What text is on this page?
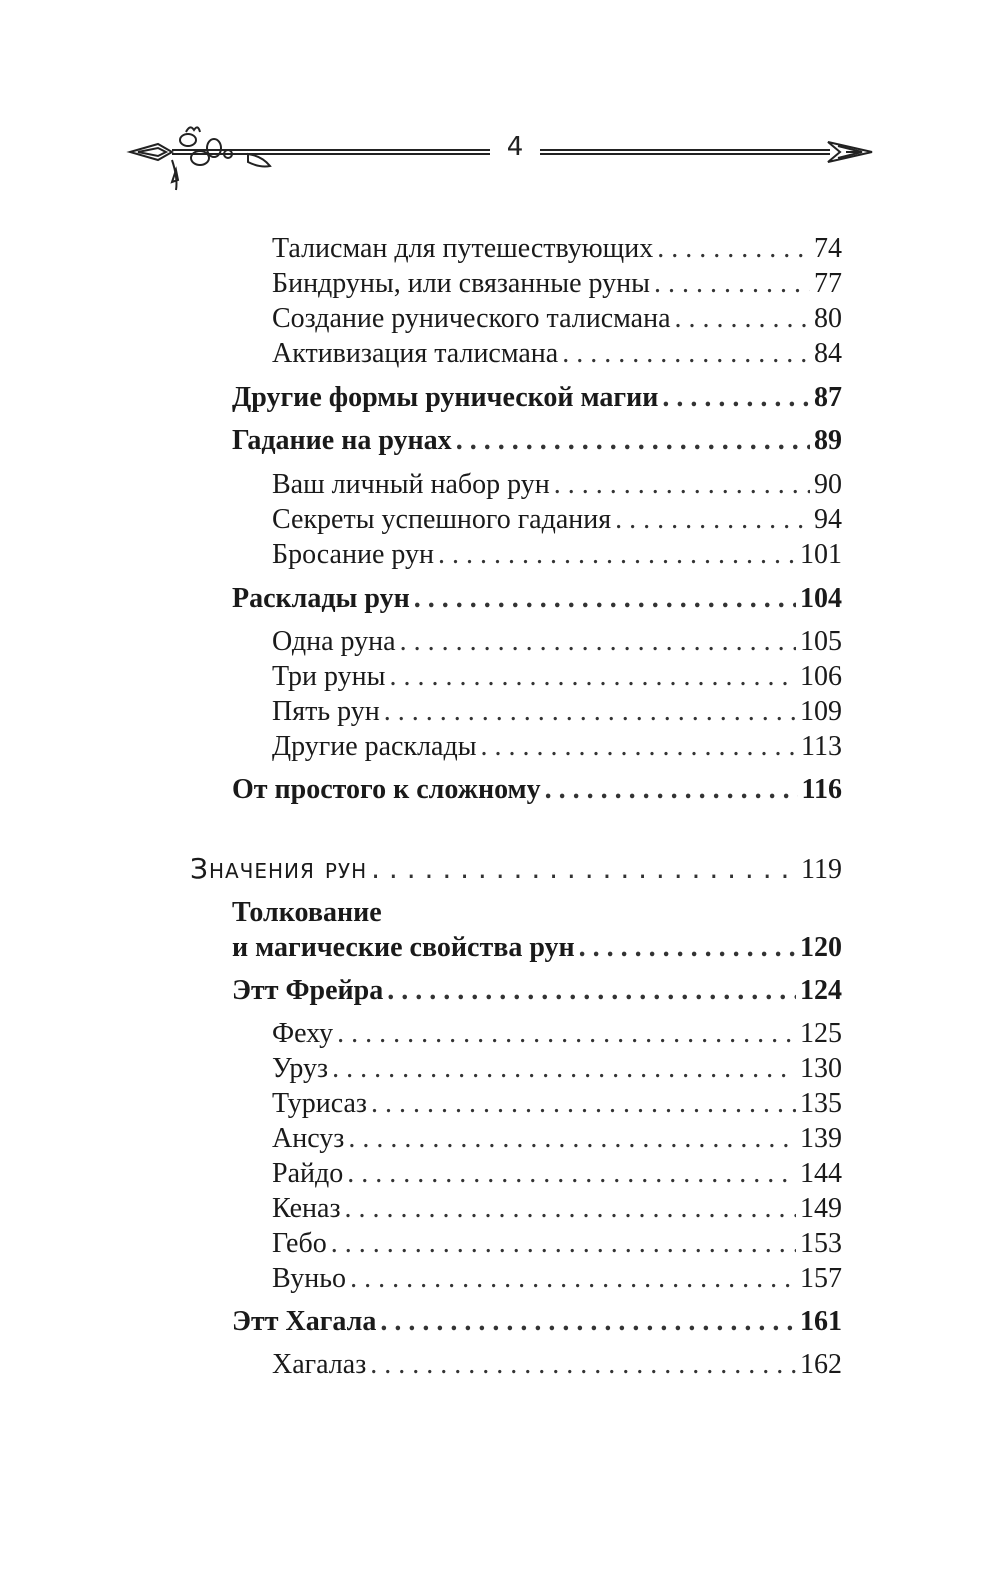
4
Талисман для путешествующих . . .	74
Биндруны, или связанные руны . . .	77
Создание рунического талисмана . . .	80
Активизация талисмана . . .	84
Другие формы рунической магии . . .	87
Гадание на рунах . . .	89
Ваш личный набор рун . . .	90
Секреты успешного гадания . . .	94
Бросание рун . . .	101
Расклады рун . . .	104
Одна руна . . .	105
Три руны . . .	106
Пять рун . . .	109
Другие расклады . . .	113
От простого к сложному . . .	116
Значения рун . . .	119
Толкование
и магические свойства рун . . .	120
Этт Фрейра . . .	124
Феху . . .	125
Уруз . . .	130
Турисаз . . .	135
Ансуз . . .	139
Райдо . . .	144
Кеназ . . .	149
Гебо . . .	153
Вуньо . . .	157
Этт Хагала . . .	161
Хагалаз . . .	162
